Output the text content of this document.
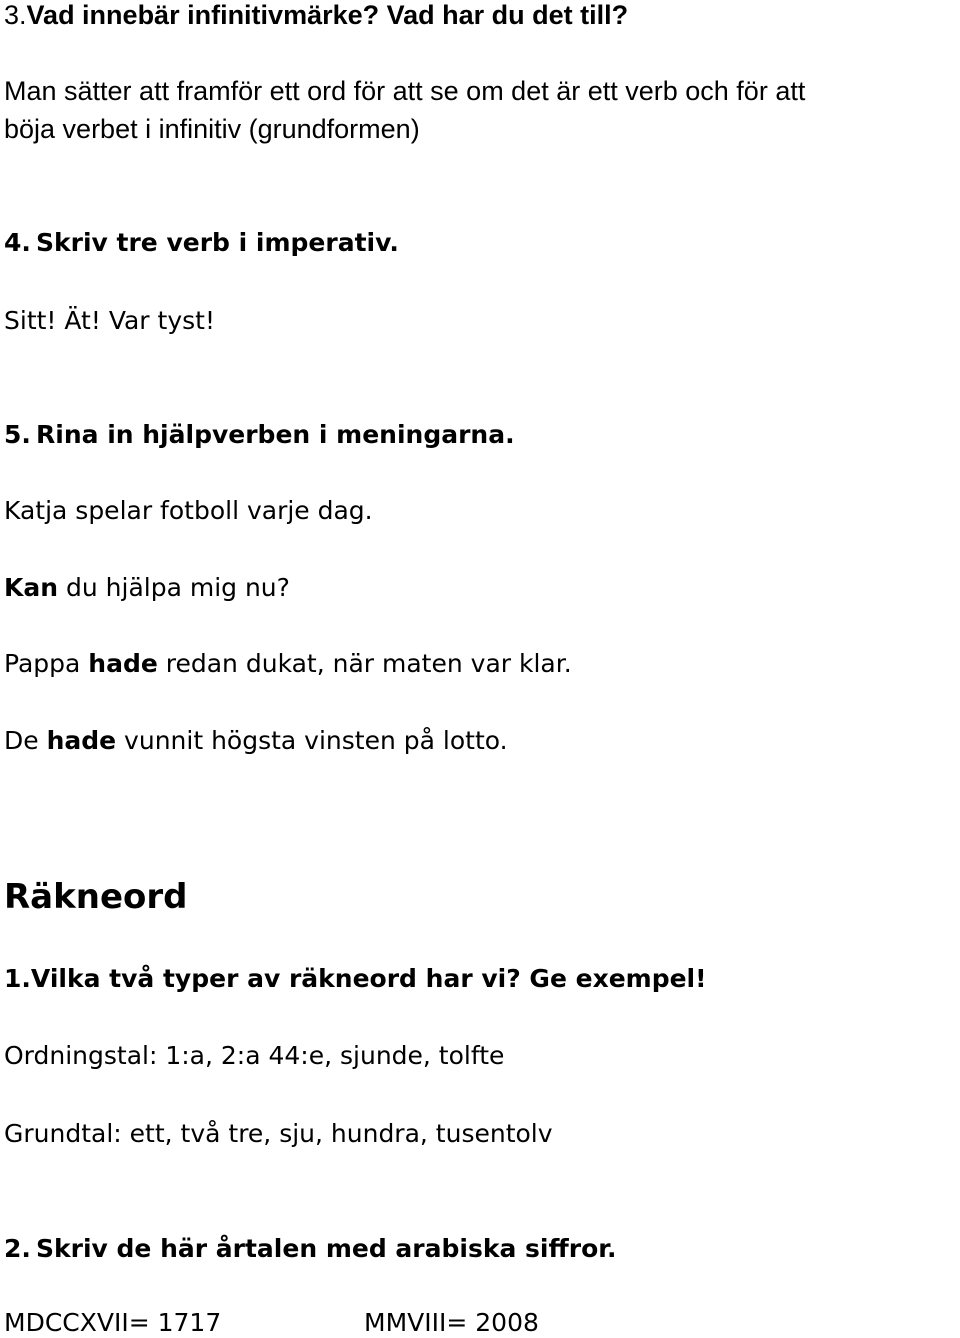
3.Vad innebär infinitivmärke? Vad har du det till?
Man sätter att framför ett ord för att se om det är ett verb och för att
böja verbet i infinitiv (grundformen)
4. Skriv tre verb i imperativ.
Sitt! Ät! Var tyst!
5. Rina in hjälpverben i meningarna.
Katja spelar fotboll varje dag.
Kan du hjälpa mig nu?
Pappa hade redan dukat, när maten var klar.
De hade vunnit högsta vinsten på lotto.
Räkneord
1.Vilka två typer av räkneord har vi? Ge exempel!
Ordningstal: 1:a, 2:a 44:e, sjunde, tolfte
Grundtal: ett, två tre, sju, hundra, tusentolv
2. Skriv de här årtalen med arabiska siffror.
MDCCXVII= 1717	MMVIII= 2008
